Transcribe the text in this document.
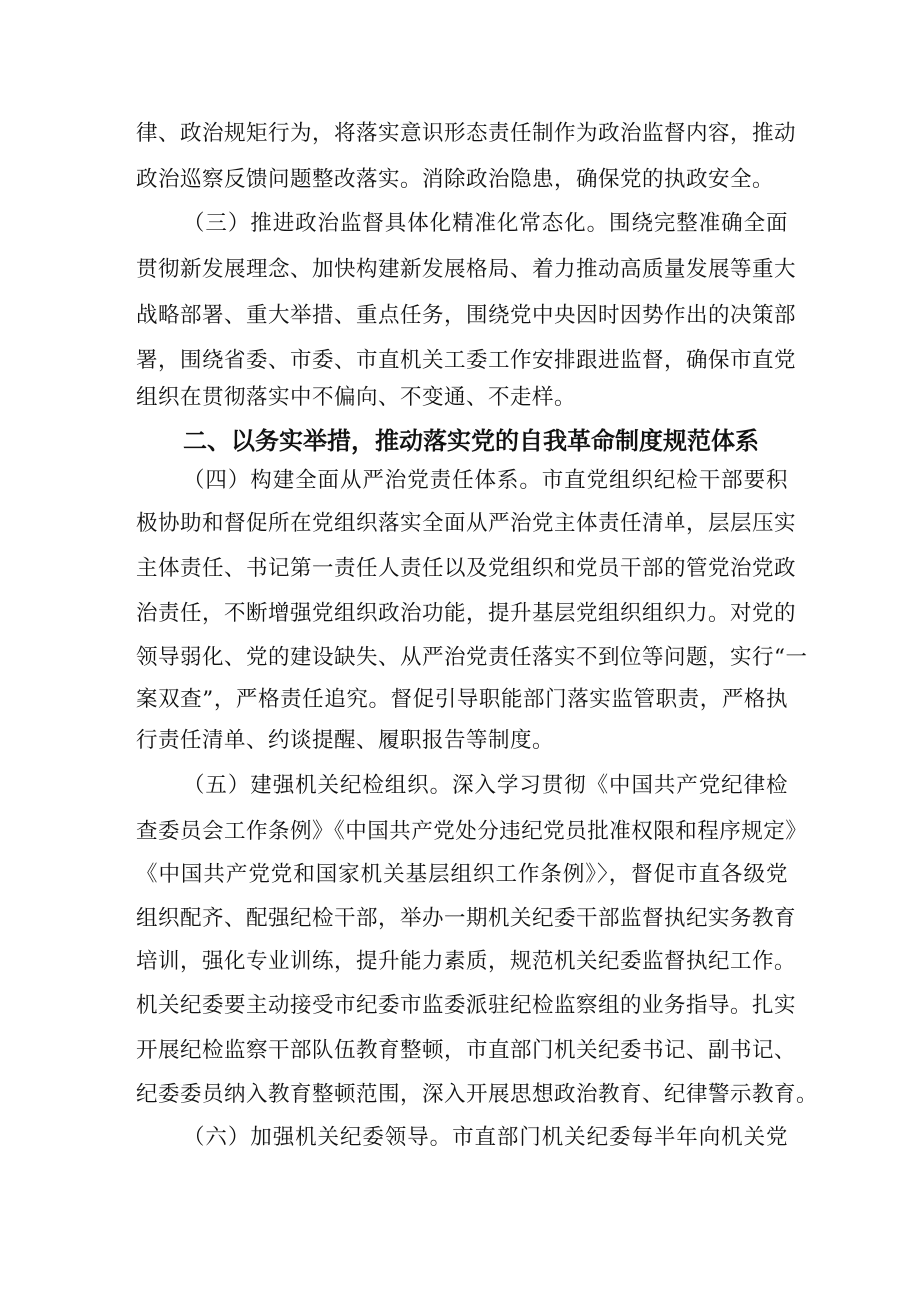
律、政治规矩行为，将落实意识形态责任制作为政治监督内容，推动
政治巡察反馈问题整改落实。消除政治隐患，确保党的执政安全。
（三）推进政治监督具体化精准化常态化。围绕完整准确全面
贯彻新发展理念、加快构建新发展格局、着力推动高质量发展等重大
战略部署、重大举措、重点任务，围绕党中央因时因势作出的决策部
署，围绕省委、市委、市直机关工委工作安排跟进监督，确保市直党
组织在贯彻落实中不偏向、不变通、不走样。
二、以务实举措，推动落实党的自我革命制度规范体系
（四）构建全面从严治党责任体系。市直党组织纪检干部要积
极协助和督促所在党组织落实全面从严治党主体责任清单，层层压实
主体责任、书记第一责任人责任以及党组织和党员干部的管党治党政
治责任，不断增强党组织政治功能，提升基层党组织组织力。对党的
领导弱化、党的建设缺失、从严治党责任落实不到位等问题，实行“一
案双查”，严格责任追究。督促引导职能部门落实监管职责，严格执
行责任清单、约谈提醒、履职报告等制度。
（五）建强机关纪检组织。深入学习贯彻《中国共产党纪律检
查委员会工作条例》《中国共产党处分违纪党员批准权限和程序规定》
《中国共产党党和国家机关基层组织工作条例》〉，督促市直各级党
组织配齐、配强纪检干部，举办一期机关纪委干部监督执纪实务教育
培训，强化专业训练，提升能力素质，规范机关纪委监督执纪工作。
机关纪委要主动接受市纪委市监委派驻纪检监察组的业务指导。扎实
开展纪检监察干部队伍教育整顿，市直部门机关纪委书记、副书记、
纪委委员纳入教育整顿范围，深入开展思想政治教育、纪律警示教育。
（六）加强机关纪委领导。市直部门机关纪委每半年向机关党
